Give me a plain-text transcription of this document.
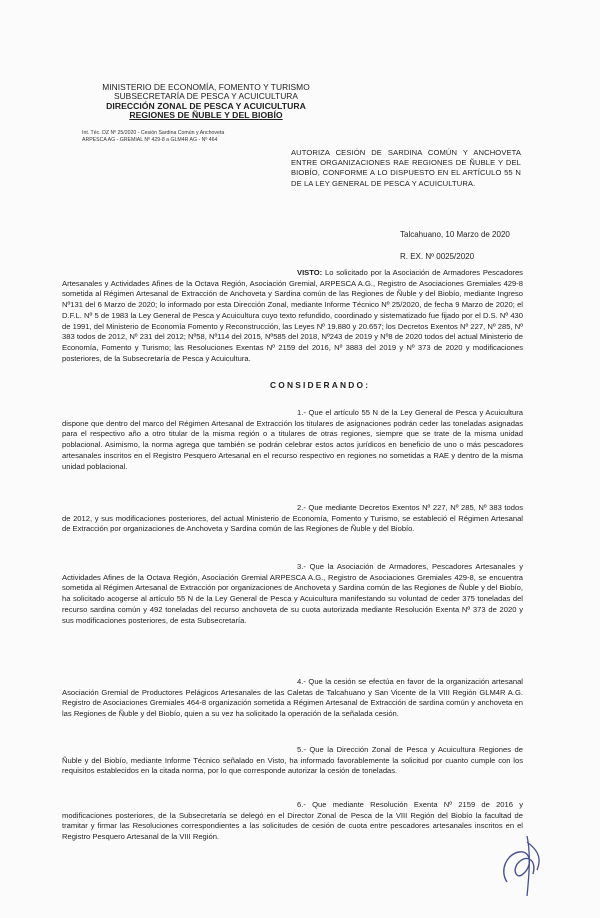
MINISTERIO DE ECONOMÍA, FOMENTO Y TURISMO
SUBSECRETARÍA DE PESCA Y ACUICULTURA
DIRECCIÓN ZONAL DE PESCA Y ACUICULTURA
REGIONES DE ÑUBLE Y DEL BIOBÍO
Int. Téc. DZ Nº 25/2020 - Cesión Sardina Común y Anchoveta
ARPESCA AG - GREMIAL Nº 429-8 a GLM4R AG - Nº 464
AUTORIZA CESIÓN DE SARDINA COMÚN Y ANCHOVETA ENTRE ORGANIZACIONES RAE REGIONES DE ÑUBLE Y DEL BIOBÍO, CONFORME A LO DISPUESTO EN EL ARTÍCULO 55 N DE LA LEY GENERAL DE PESCA Y ACUICULTURA.
Talcahuano, 10 Marzo de 2020
R. EX. Nº 0025/2020
VISTO: Lo solicitado por la Asociación de Armadores Pescadores Artesanales y Actividades Afines de la Octava Región, Asociación Gremial, ARPESCA A.G., Registro de Asociaciones Gremiales 429-8 sometida al Régimen Artesanal de Extracción de Anchoveta y Sardina común de las Regiones de Ñuble y del Biobío, mediante Ingreso Nº131 del 6 Marzo de 2020; lo informado por esta Dirección Zonal, mediante Informe Técnico Nº 25/2020, de fecha 9 Marzo de 2020; el D.F.L. Nº 5 de 1983 la Ley General de Pesca y Acuicultura cuyo texto refundido, coordinado y sistematizado fue fijado por el D.S. Nº 430 de 1991, del Ministerio de Economía Fomento y Reconstrucción, las Leyes Nº 19.880 y 20.657; los Decretos Exentos Nº 227, Nº 285, Nº 383 todos de 2012, Nº 231 del 2012; Nº58, Nº114 del 2015, Nº585 del 2018, Nº243 de 2019 y Nº8 de 2020 todos del actual Ministerio de Economía, Fomento y Turismo; las Resoluciones Exentas Nº 2159 del 2016, Nº 3883 del 2019 y Nº 373 de 2020 y modificaciones posteriores, de la Subsecretaría de Pesca y Acuicultura.
CONSIDERANDO:
1.- Que el artículo 55 N de la Ley General de Pesca y Acuicultura dispone que dentro del marco del Régimen Artesanal de Extracción los titulares de asignaciones podrán ceder las toneladas asignadas para el respectivo año a otro titular de la misma región o a titulares de otras regiones, siempre que se trate de la misma unidad poblacional. Asimismo, la norma agrega que también se podrán celebrar estos actos jurídicos en beneficio de uno o más pescadores artesanales inscritos en el Registro Pesquero Artesanal en el recurso respectivo en regiones no sometidas a RAE y dentro de la misma unidad poblacional.
2.- Que mediante Decretos Exentos Nº 227, Nº 285, Nº 383 todos de 2012, y sus modificaciones posteriores, del actual Ministerio de Economía, Fomento y Turismo, se estableció el Régimen Artesanal de Extracción por organizaciones de Anchoveta y Sardina común de las Regiones de Ñuble y del Biobío.
3.- Que la Asociación de Armadores, Pescadores Artesanales y Actividades Afines de la Octava Región, Asociación Gremial ARPESCA A.G., Registro de Asociaciones Gremiales 429-8, se encuentra sometida al Régimen Artesanal de Extracción por organizaciones de Anchoveta y Sardina común de las Regiones de Ñuble y del Biobío, ha solicitado acogerse al artículo 55 N de la Ley General de Pesca y Acuicultura manifestando su voluntad de ceder 375 toneladas del recurso sardina común y 492 toneladas del recurso anchoveta de su cuota autorizada mediante Resolución Exenta Nº 373 de 2020 y sus modificaciones posteriores, de esta Subsecretaría.
4.- Que la cesión se efectúa en favor de la organización artesanal Asociación Gremial de Productores Pelágicos Artesanales de las Caletas de Talcahuano y San Vicente de la VIII Región GLM4R A.G. Registro de Asociaciones Gremiales 464-8 organización sometida a Régimen Artesanal de Extracción de sardina común y anchoveta en las Regiones de Ñuble y del Biobío, quien a su vez ha solicitado la operación de la señalada cesión.
5.- Que la Dirección Zonal de Pesca y Acuicultura Regiones de Ñuble y del Biobío, mediante Informe Técnico señalado en Visto, ha informado favorablemente la solicitud por cuanto cumple con los requisitos establecidos en la citada norma, por lo que corresponde autorizar la cesión de toneladas.
6.- Que mediante Resolución Exenta Nº 2159 de 2016 y modificaciones posteriores, de la Subsecretaría se delegó en el Director Zonal de Pesca de la VIII Región del Biobío la facultad de tramitar y firmar las Resoluciones correspondientes a las solicitudes de cesión de cuota entre pescadores artesanales inscritos en el Registro Pesquero Artesanal de la VIII Región.
